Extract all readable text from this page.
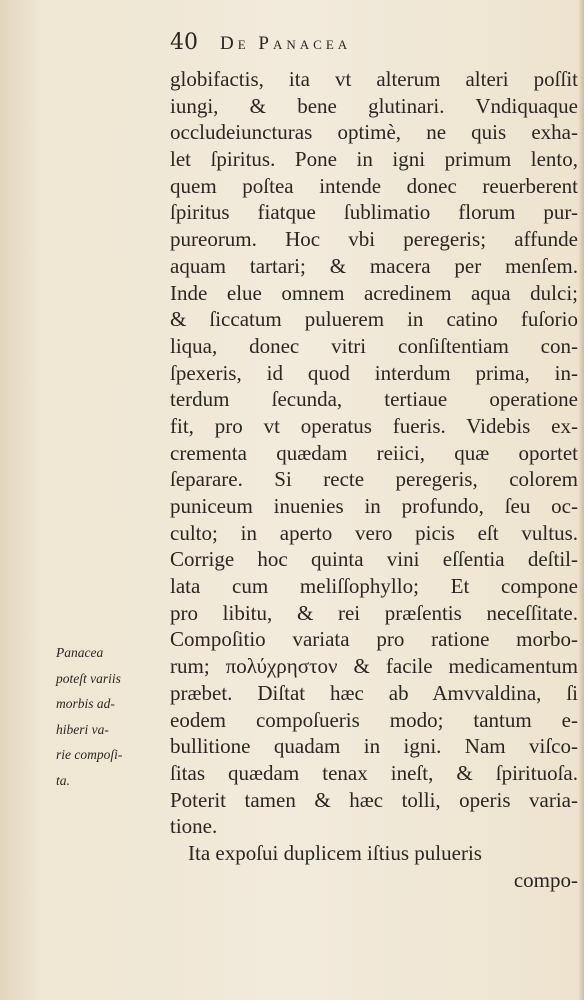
40	De Panacea
Panacea
poteſt variis
morbis ad-
hiberi va-
rie compoſi-
ta.
globifactis, ita vt alterum alteri poſſit
iungi, & bene glutinari. Vndiquaque
occludeiuncturas optimè, ne quis exha-
let ſpiritus. Pone in igni primum lento,
quem poſtea intende donec reuerberent
ſpiritus fiatque ſublimatio florum pur-
pureorum. Hoc vbi peregeris; affunde
aquam tartari; & macera per menſem.
Inde elue omnem acredinem aqua dulci;
& ſiccatum puluerem in catino fuſorio
liqua, donec vitri conſiſtentiam con-
ſpexeris, id quod interdum prima, in-
terdum ſecunda, tertiaue operatione
fit, pro vt operatus fueris. Videbis ex-
crementa quædam reiici, quæ oportet
ſeparare. Si recte peregeris, colorem
puniceum inuenies in profundo, ſeu oc-
culto; in aperto vero picis eſt vultus.
Corrige hoc quinta vini eſſentia deſtil-
lata cum meliſſophyllo; Et compone
pro libitu, & rei præſentis neceſſitate.
Compoſitio variata pro ratione morbo-
rum; πολύχρηστον & facile medicamentum
præbet. Diſtat hæc ab Amvvaldina, ſi
eodem compoſueris modo; tantum e-
bullitione quadam in igni. Nam viſco-
ſitas quædam tenax ineſt, & ſpirituoſa.
Poterit tamen & hæc tolli, operis varia-
tione.
Ita expoſui duplicem iſtius pulueris
compo-
